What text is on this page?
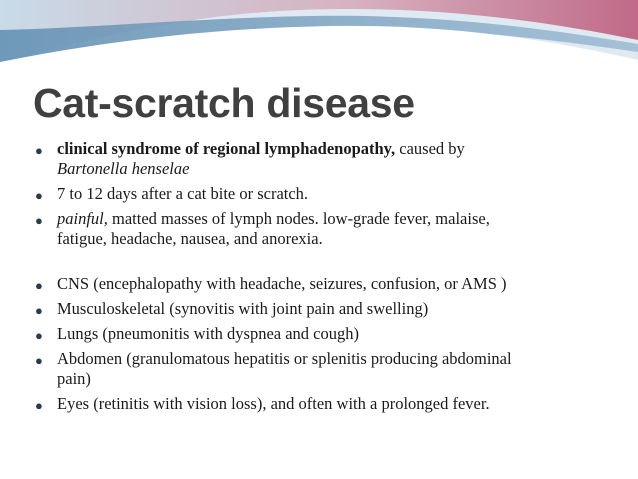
Cat-scratch disease
● clinical syndrome of regional lymphadenopathy, caused by
Bartonella henselae
● 7 to 12 days after a cat bite or scratch.
● painful, matted masses of lymph nodes. low-grade fever, malaise,
fatigue, headache, nausea, and anorexia.
● CNS (encephalopathy with headache, seizures, confusion, or AMS )
● Musculoskeletal (synovitis with joint pain and swelling)
● Lungs (pneumonitis with dyspnea and cough)
● Abdomen (granulomatous hepatitis or splenitis producing abdominal
pain)
● Eyes (retinitis with vision loss), and often with a prolonged fever.
